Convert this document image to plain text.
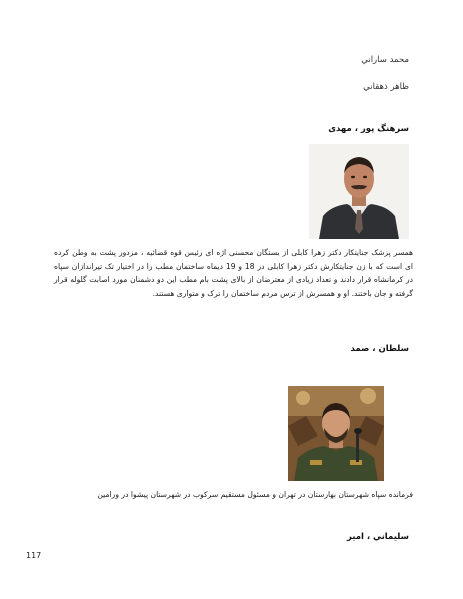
محمد ساراني
ظاهر ذهقاني
سرهنگ پور ، مهدی
همسر پزشک جنایتکار دکتر زهرا کابلی از بستگان محسنی اژه ای رئیس قوه قضائیه ، مزدور پشت به وطن کرده ای است که با زن جنایتکارش دکتر زهرا کابلی در 18 و 19 دیماه ساختمان مطب را در اختیار تک تیراندازان سپاه در کرمانشاه قرار دادند و تعداد زیادی از معترضان از بالای پشت بام مطب این دو دشمنان مورد اصابت گلوله قرار گرفته و جان باختند. او و همسرش از ترس مردم ساختمان را ترک و متواری هستند.
سلطان ، صمد
فرمانده سپاه شهرستان بهارستان در تهران و مسئول مستقیم سرکوب در شهرستان پیشوا در ورامین
سلیماني ، امیر
117
